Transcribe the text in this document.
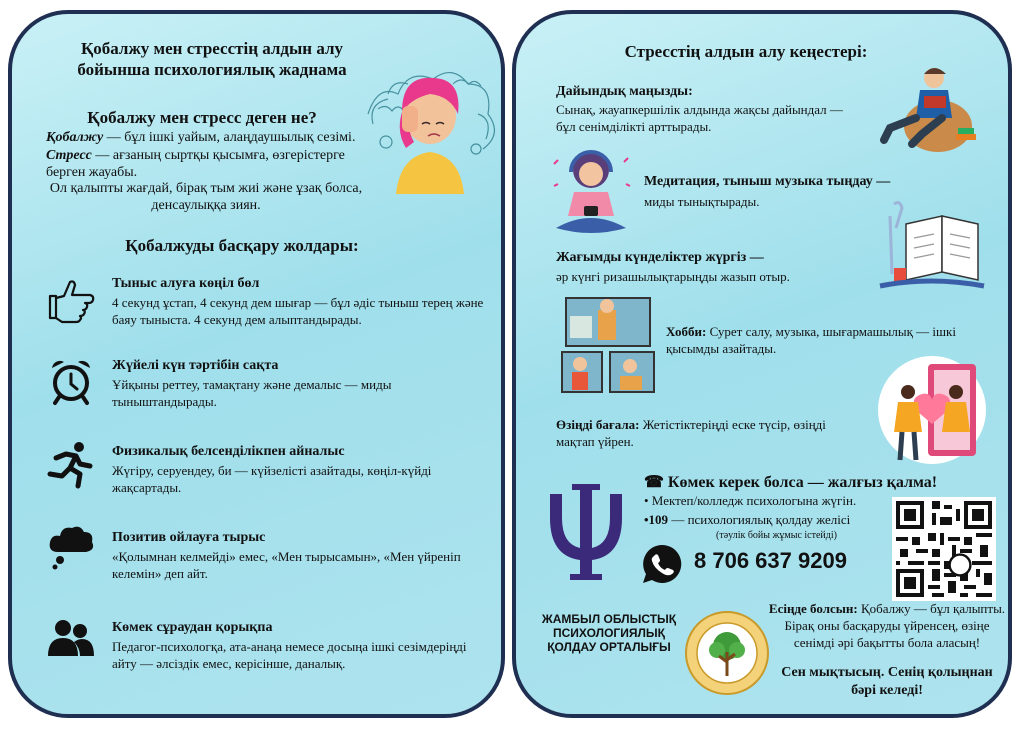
Қобалжу мен стресстің алдын алу
бойынша психологиялық жаднама
Қобалжу мен стресс деген не?
Қобалжу — бұл ішкі уайым, алаңдаушылық сезімі.
Стресс — ағзаның сыртқы қысымға, өзгерістерге берген жауабы.
Ол қалыпты жағдай, бірақ тым жиі және ұзақ болса, денсаулыққа зиян.
Қобалжуды басқару жолдары:
Тыныс алуға көңіл бөл
4 секунд ұстап, 4 секунд дем шығар — бұл әдіс тыныш терең және баяу тыныста. 4 секунд дем алыптандырады.
Жүйелі күн тәртібін сақта
Ұйқыны реттеу, тамақтану және демалыс — миды тыныштандырады.
Физикалық белсенділікпен айналыс
Жүгіру, серуендеу, би — күйзелісті азайтады, көңіл-күйді жақсартады.
Позитив ойлауға тырыс
«Қолымнан келмейді» емес, «Мен тырысамын», «Мен үйреніп келемін» деп айт.
Көмек сұраудан қорықпа
Педагог-психологқа, ата-анаңа немесе досыңа ішкі сезімдеріңді айту — әлсіздік емес, керісінше, даналық.
Стресстің алдын алу кеңестері:
Дайындық маңызды:
Сынақ, жауапкершілік алдында жақсы дайындал — бұл сенімділікті арттырады.
Медитация, тыныш музыка тыңдау —
миды тынықтырады.
Жағымды күнделіктер жүргіз —
әр күнгі ризашылықтарыңды жазып отыр.
Хобби: Сурет салу, музыка, шығармашылық — ішкі қысымды азайтады.
Өзіңді бағала: Жетістіктеріңді еске түсір, өзіңді мақтап үйрен.
☎ Көмек керек болса — жалғыз қалма!
• Мектеп/колледж психологына жүгін.
•109 — психологиялық қолдау желісі
(тәулік бойы жұмыс істейді)
8 706 637 9209
ЖАМБЫЛ ОБЛЫСТЫҚ ПСИХОЛОГИЯЛЫҚ ҚОЛДАУ ОРТАЛЫҒЫ
Есіңде болсын: Қобалжу — бұл қалыпты. Бірақ оны басқаруды үйренсең, өзіңе сенімді әрі бақытты бола аласың!
Сен мықтысың. Сенің қолыңнан бәрі келеді!
